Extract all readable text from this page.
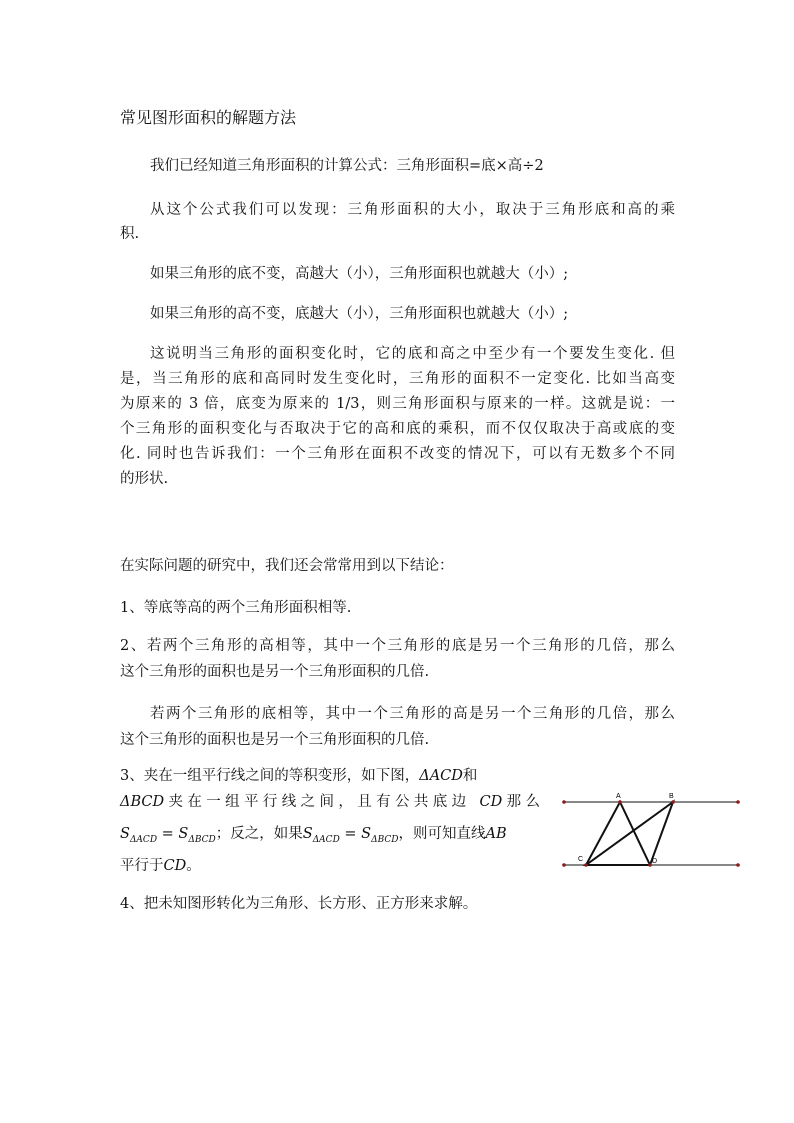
常见图形面积的解题方法
我们已经知道三角形面积的计算公式：三角形面积=底×高÷2
从这个公式我们可以发现：三角形面积的大小，取决于三角形底和高的乘
积.
如果三角形的底不变，高越大（小），三角形面积也就越大（小）;
如果三角形的高不变，底越大（小），三角形面积也就越大（小）;
这说明当三角形的面积变化时，它的底和高之中至少有一个要发生变化. 但
是，当三角形的底和高同时发生变化时，三角形的面积不一定变化. 比如当高变
为原来的 3 倍，底变为原来的 1/3，则三角形面积与原来的一样。这就是说：一
个三角形的面积变化与否取决于它的高和底的乘积，而不仅仅取决于高或底的变
化. 同时也告诉我们：一个三角形在面积不改变的情况下，可以有无数多个不同
的形状.
在实际问题的研究中，我们还会常常用到以下结论：
1、等底等高的两个三角形面积相等.
2、若两个三角形的高相等，其中一个三角形的底是另一个三角形的几倍，那么
这个三角形的面积也是另一个三角形面积的几倍.
若两个三角形的底相等，其中一个三角形的高是另一个三角形的几倍，那么
这个三角形的面积也是另一个三角形面积的几倍.
3、夹在一组平行线之间的等积变形，如下图，ΔACD和
ΔBCD夹在一组平行线之间，且有公共底边 CD那么
$S_{\Delta ACD} = S_{\Delta BCD}$；反之，如果$S_{\Delta ACD} = S_{\Delta BCD}$，则可知直线AB
平行于CD。
4、把未知图形转化为三角形、长方形、正方形来求解。
A	B
C	D
